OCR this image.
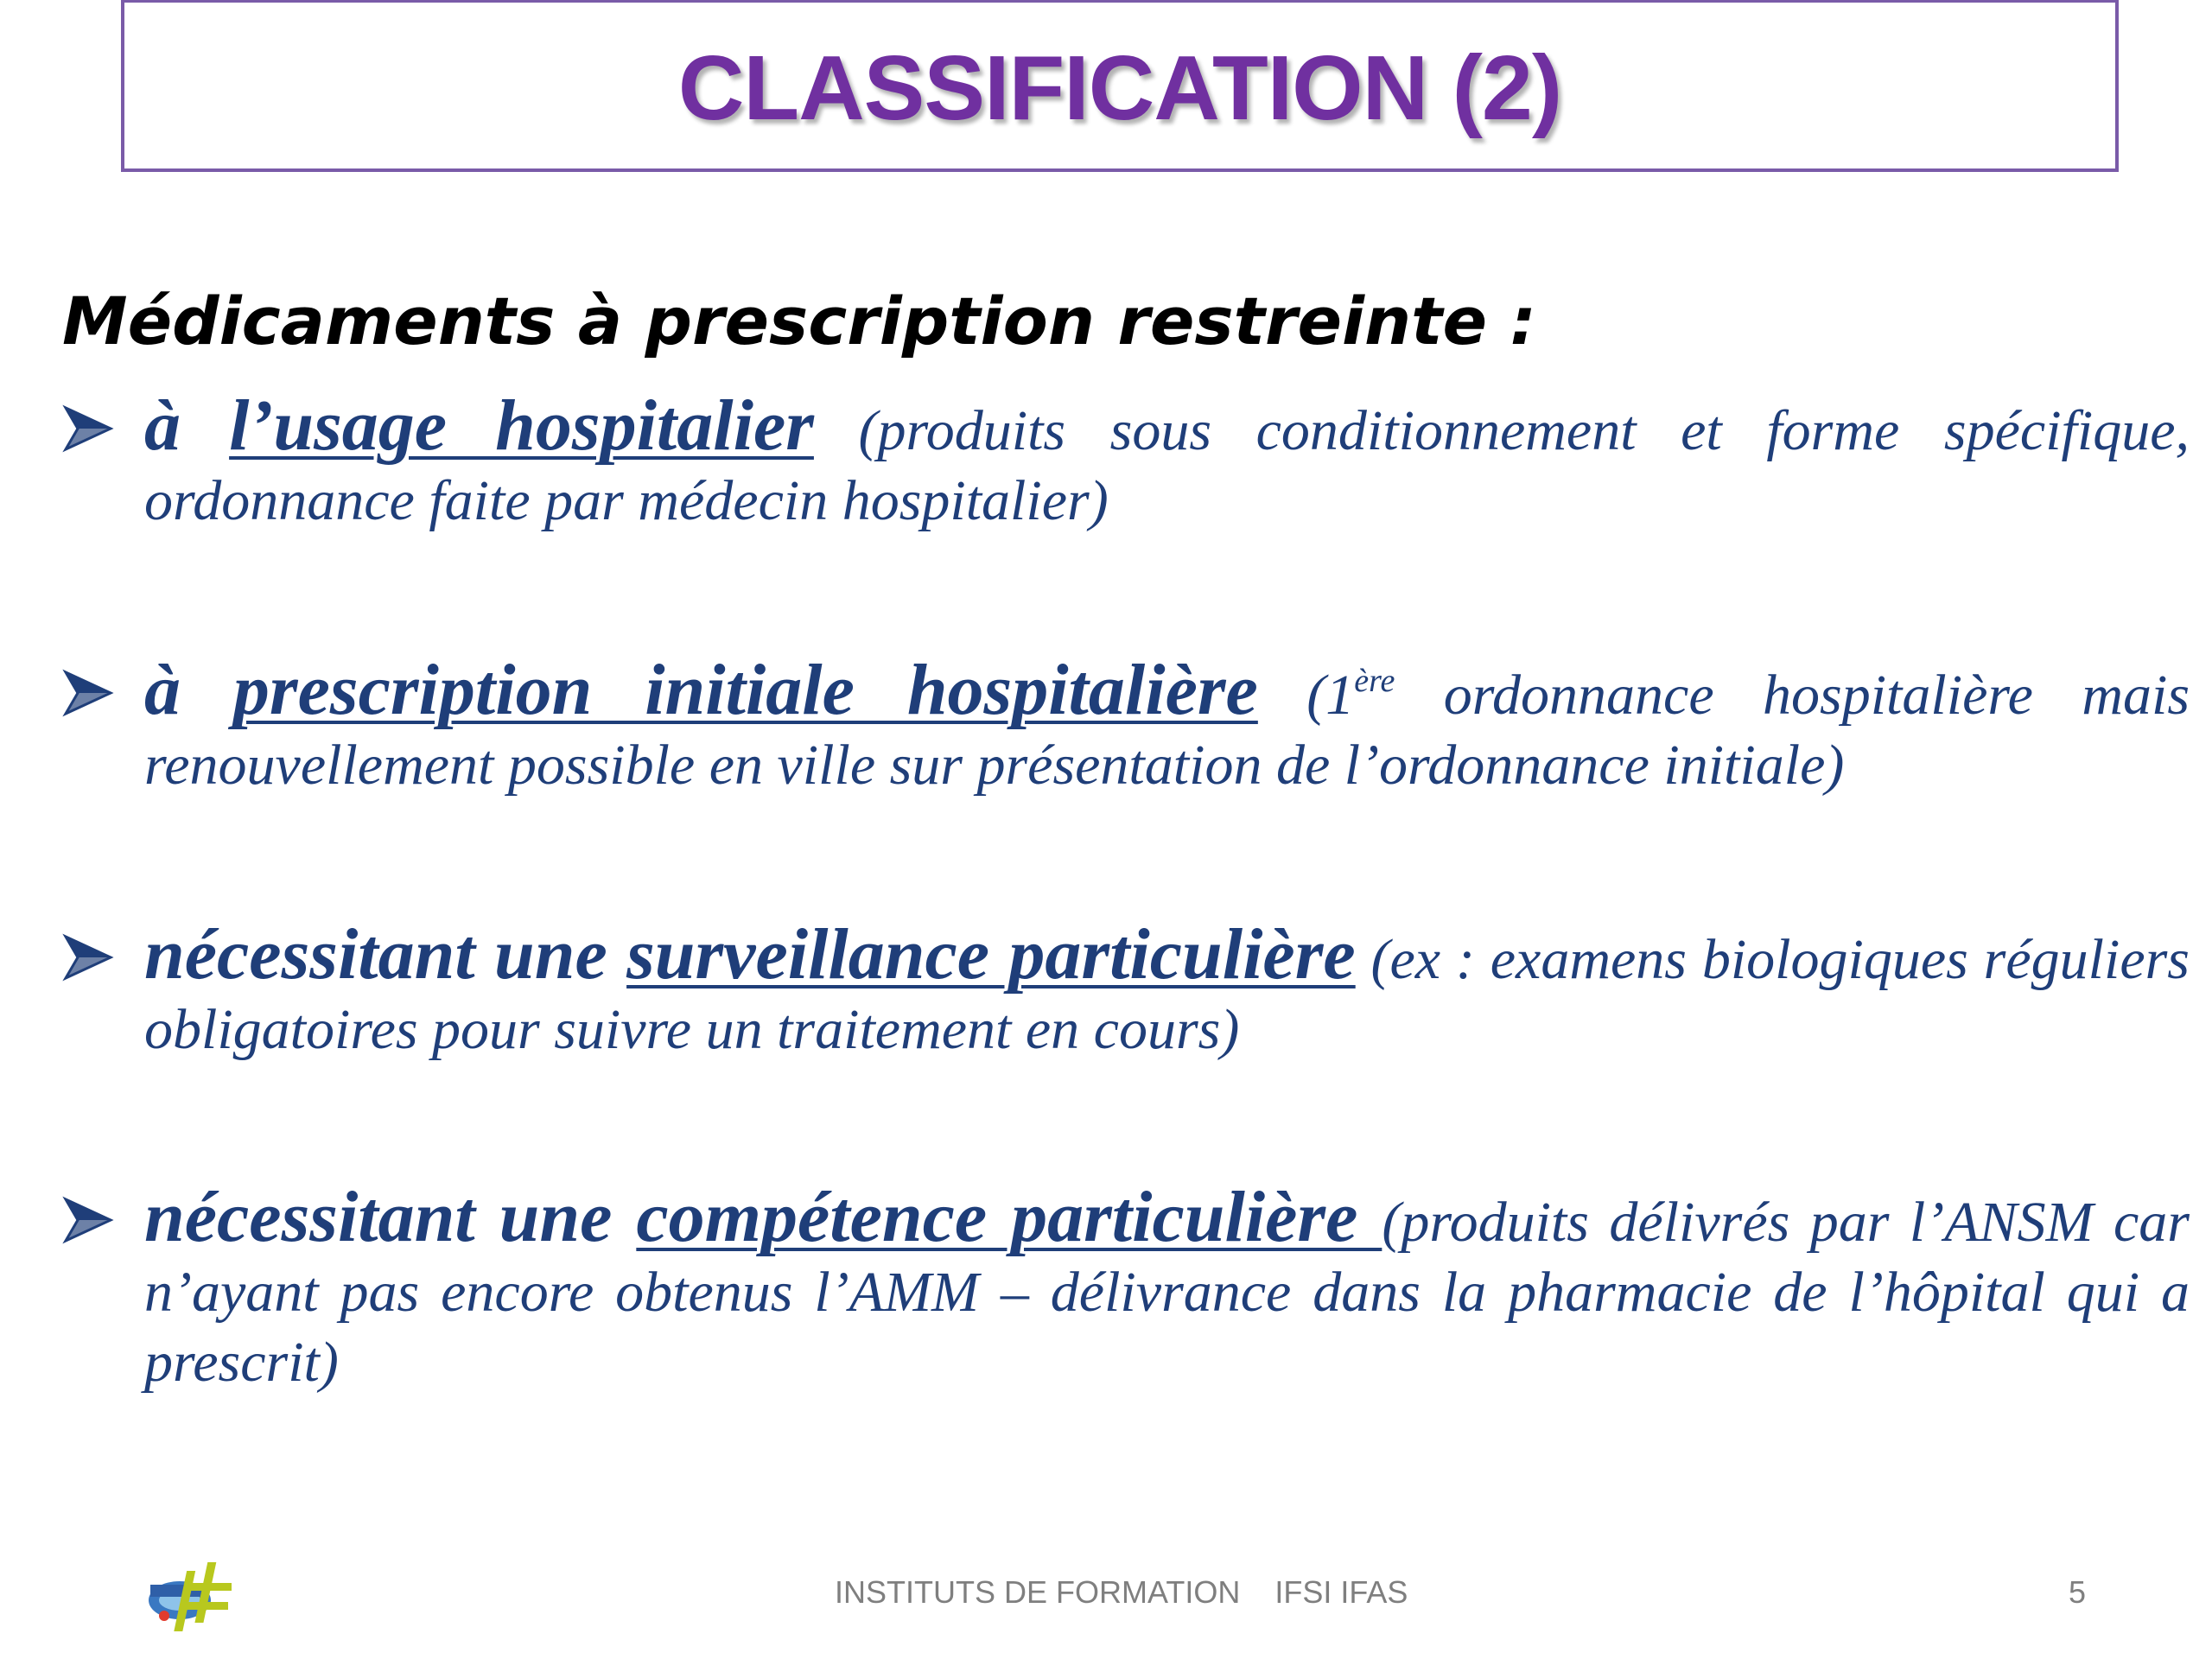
CLASSIFICATION (2)
Médicaments à prescription restreinte :
à l’usage hospitalier (produits sous conditionnement et forme spécifique, ordonnance faite par médecin hospitalier)
à prescription initiale hospitalière (1ère ordonnance hospitalière mais renouvellement possible en ville sur présentation de l’ordonnance initiale)
nécessitant une surveillance particulière (ex : examens biologiques réguliers obligatoires pour suivre un traitement en cours)
nécessitant une compétence particulière (produits délivrés par l’ANSM car n’ayant pas encore obtenus l’AMM – délivrance dans la pharmacie de l’hôpital qui a prescrit)
INSTITUTS DE FORMATION    IFSI IFAS	5
